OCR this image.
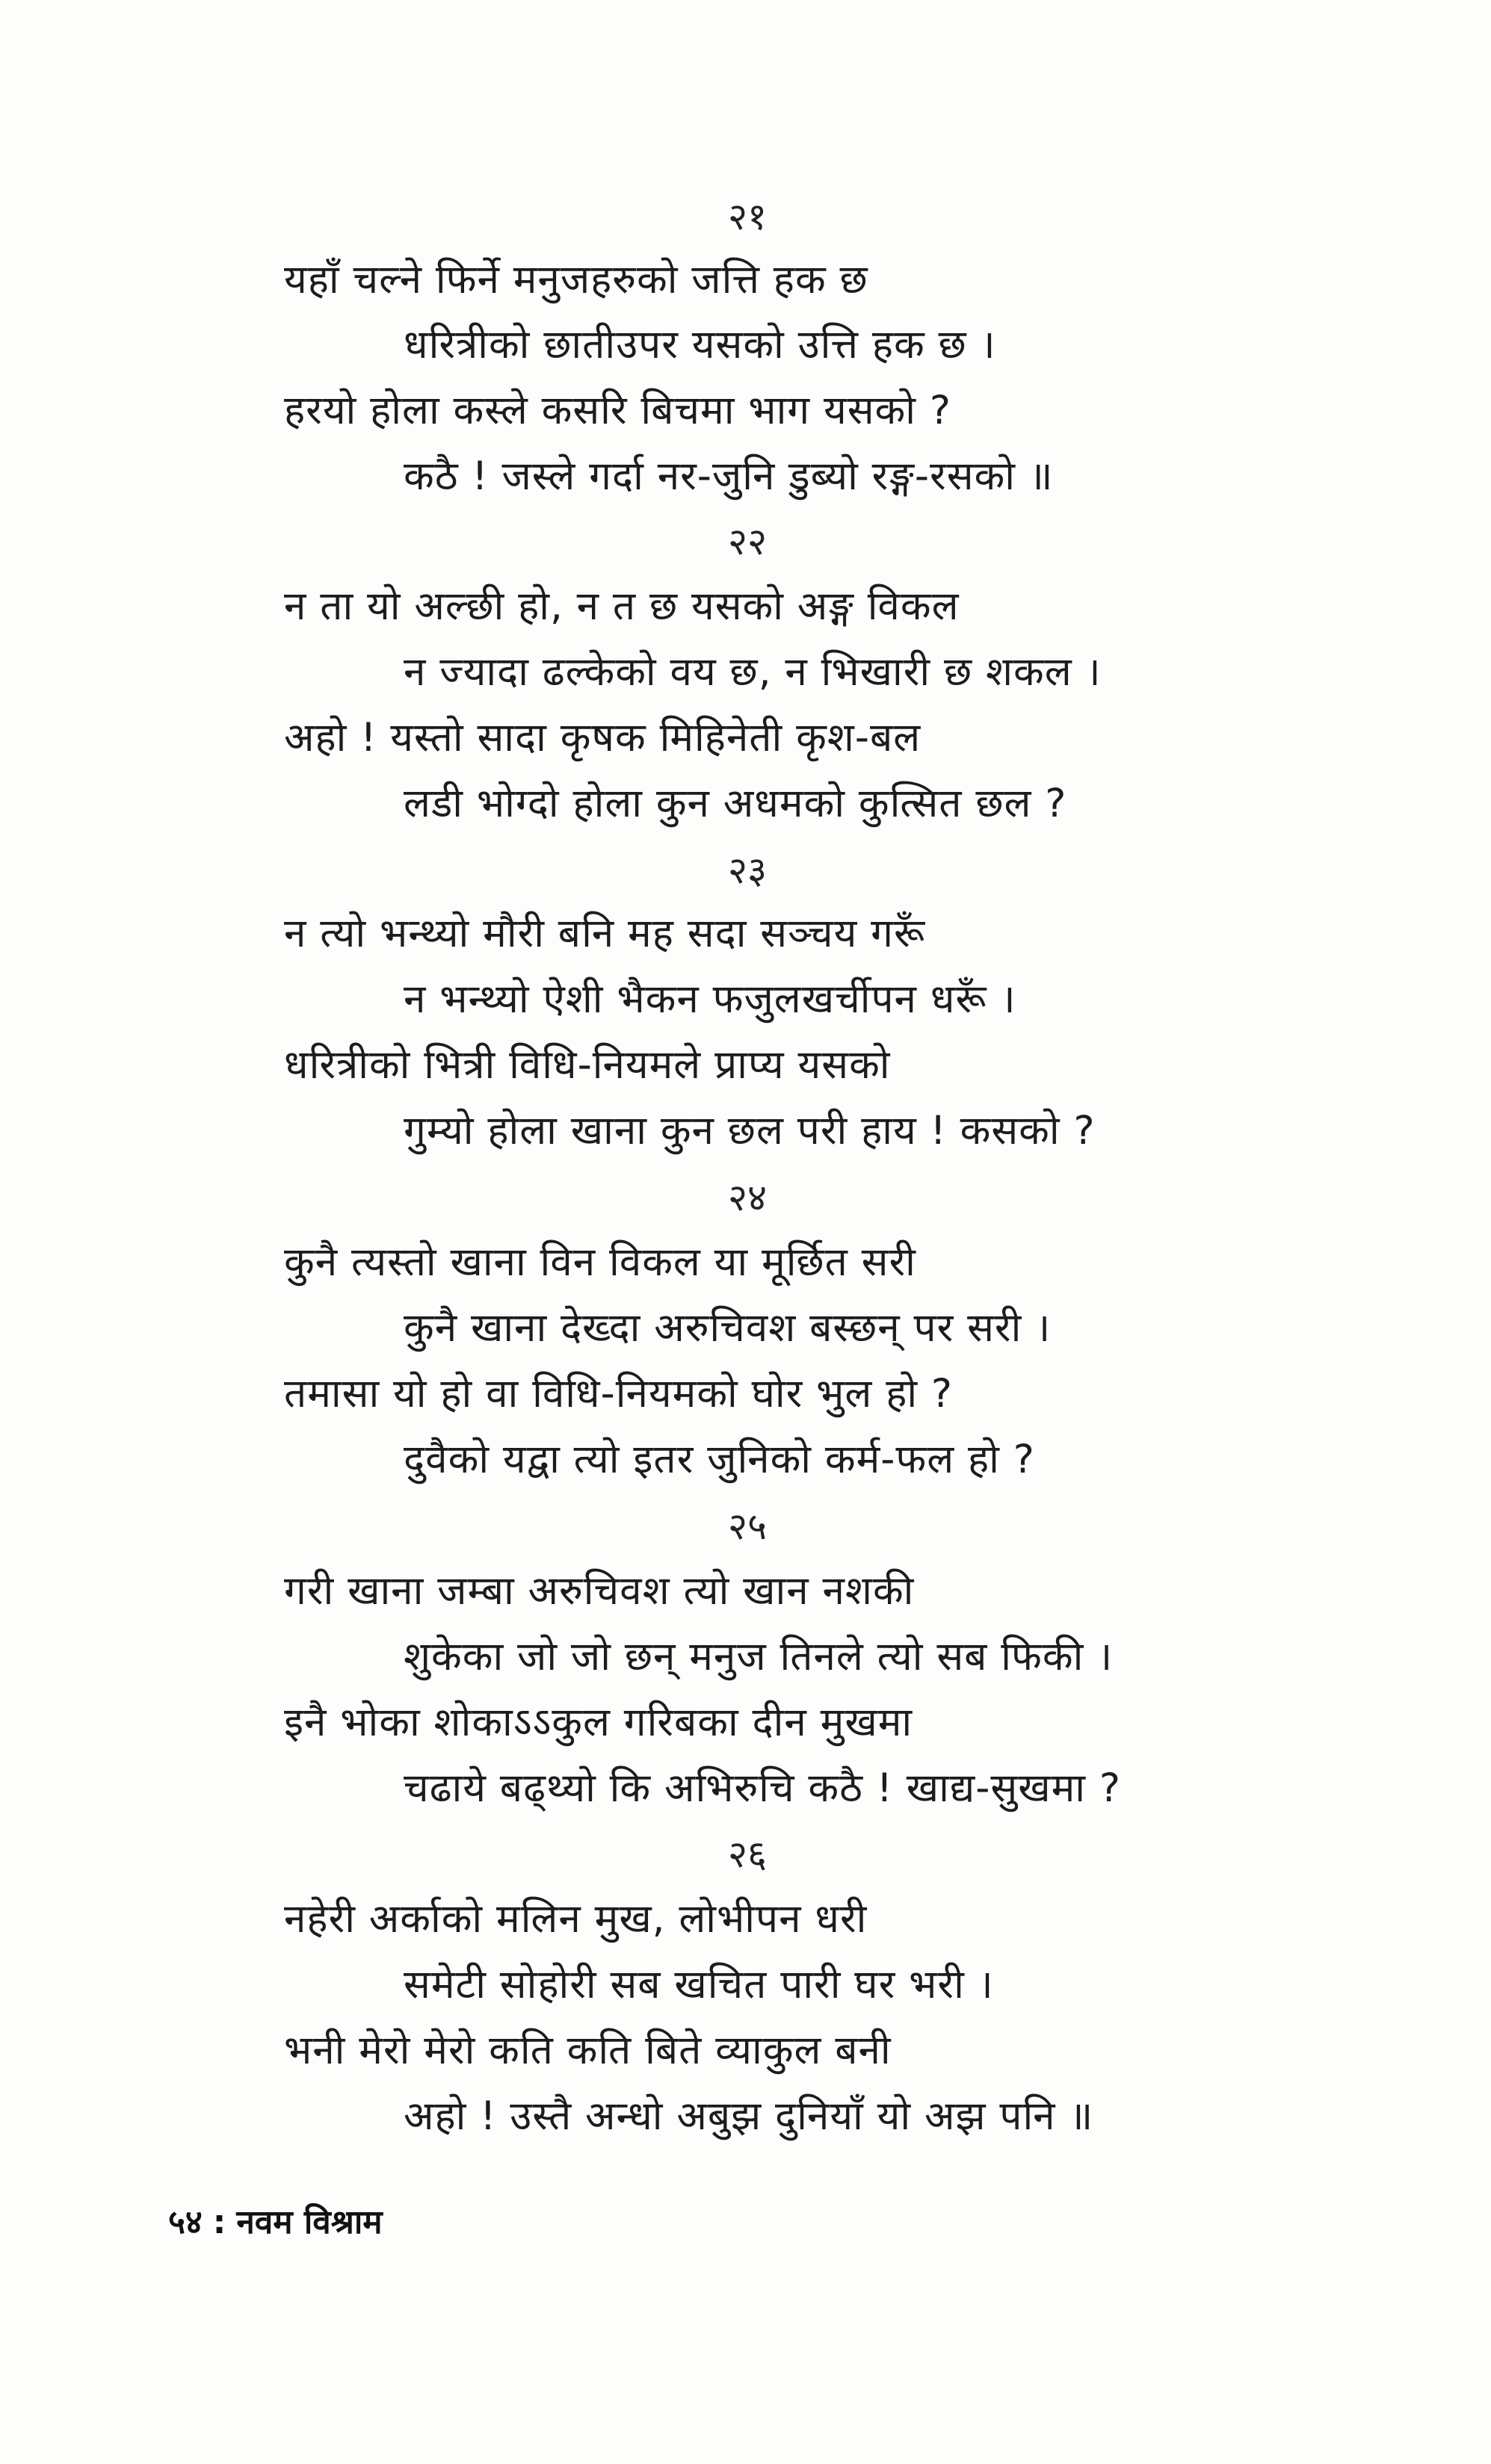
२१
यहाँ चल्ने फिर्ने मनुजहरुको जत्ति हक छ
धरित्रीको छातीउपर यसको उत्ति हक छ ।
हरयो होला कस्ले कसरि बिचमा भाग यसको ?
कठै ! जस्ले गर्दा नर-जुनि डुब्यो रङ्ग-रसको ॥
२२
न ता यो अल्छी हो, न त छ यसको अङ्ग विकल
न ज्यादा ढल्केको वय छ, न भिखारी छ शकल ।
अहो ! यस्तो सादा कृषक मिहिनेती कृश-बल
लडी भोग्दो होला कुन अधमको कुत्सित छल ?
२३
न त्यो भन्थ्यो मौरी बनि मह सदा सञ्चय गरूँ
न भन्थ्यो ऐशी भैकन फजुलखर्चीपन धरूँ ।
धरित्रीको भित्री विधि-नियमले प्राप्य यसको
गुम्यो होला खाना कुन छल परी हाय ! कसको ?
२४
कुनै त्यस्तो खाना विन विकल या मूर्छित सरी
कुनै खाना देख्दा अरुचिवश बस्छन् पर सरी ।
तमासा यो हो वा विधि-नियमको घोर भुल हो ?
दुवैको यद्वा त्यो इतर जुनिको कर्म-फल हो ?
२५
गरी खाना जम्बा अरुचिवश त्यो खान नशकी
शुकेका जो जो छन् मनुज तिनले त्यो सब फिकी ।
इनै भोका शोकाऽऽकुल गरिबका दीन मुखमा
चढाये बढ्थ्यो कि अभिरुचि कठै ! खाद्य-सुखमा ?
२६
नहेरी अर्काको मलिन मुख, लोभीपन धरी
समेटी सोहोरी सब खचित पारी घर भरी ।
भनी मेरो मेरो कति कति बिते व्याकुल बनी
अहो ! उस्तै अन्धो अबुझ दुनियाँ यो अझ पनि ॥
५४ : नवम विश्राम
